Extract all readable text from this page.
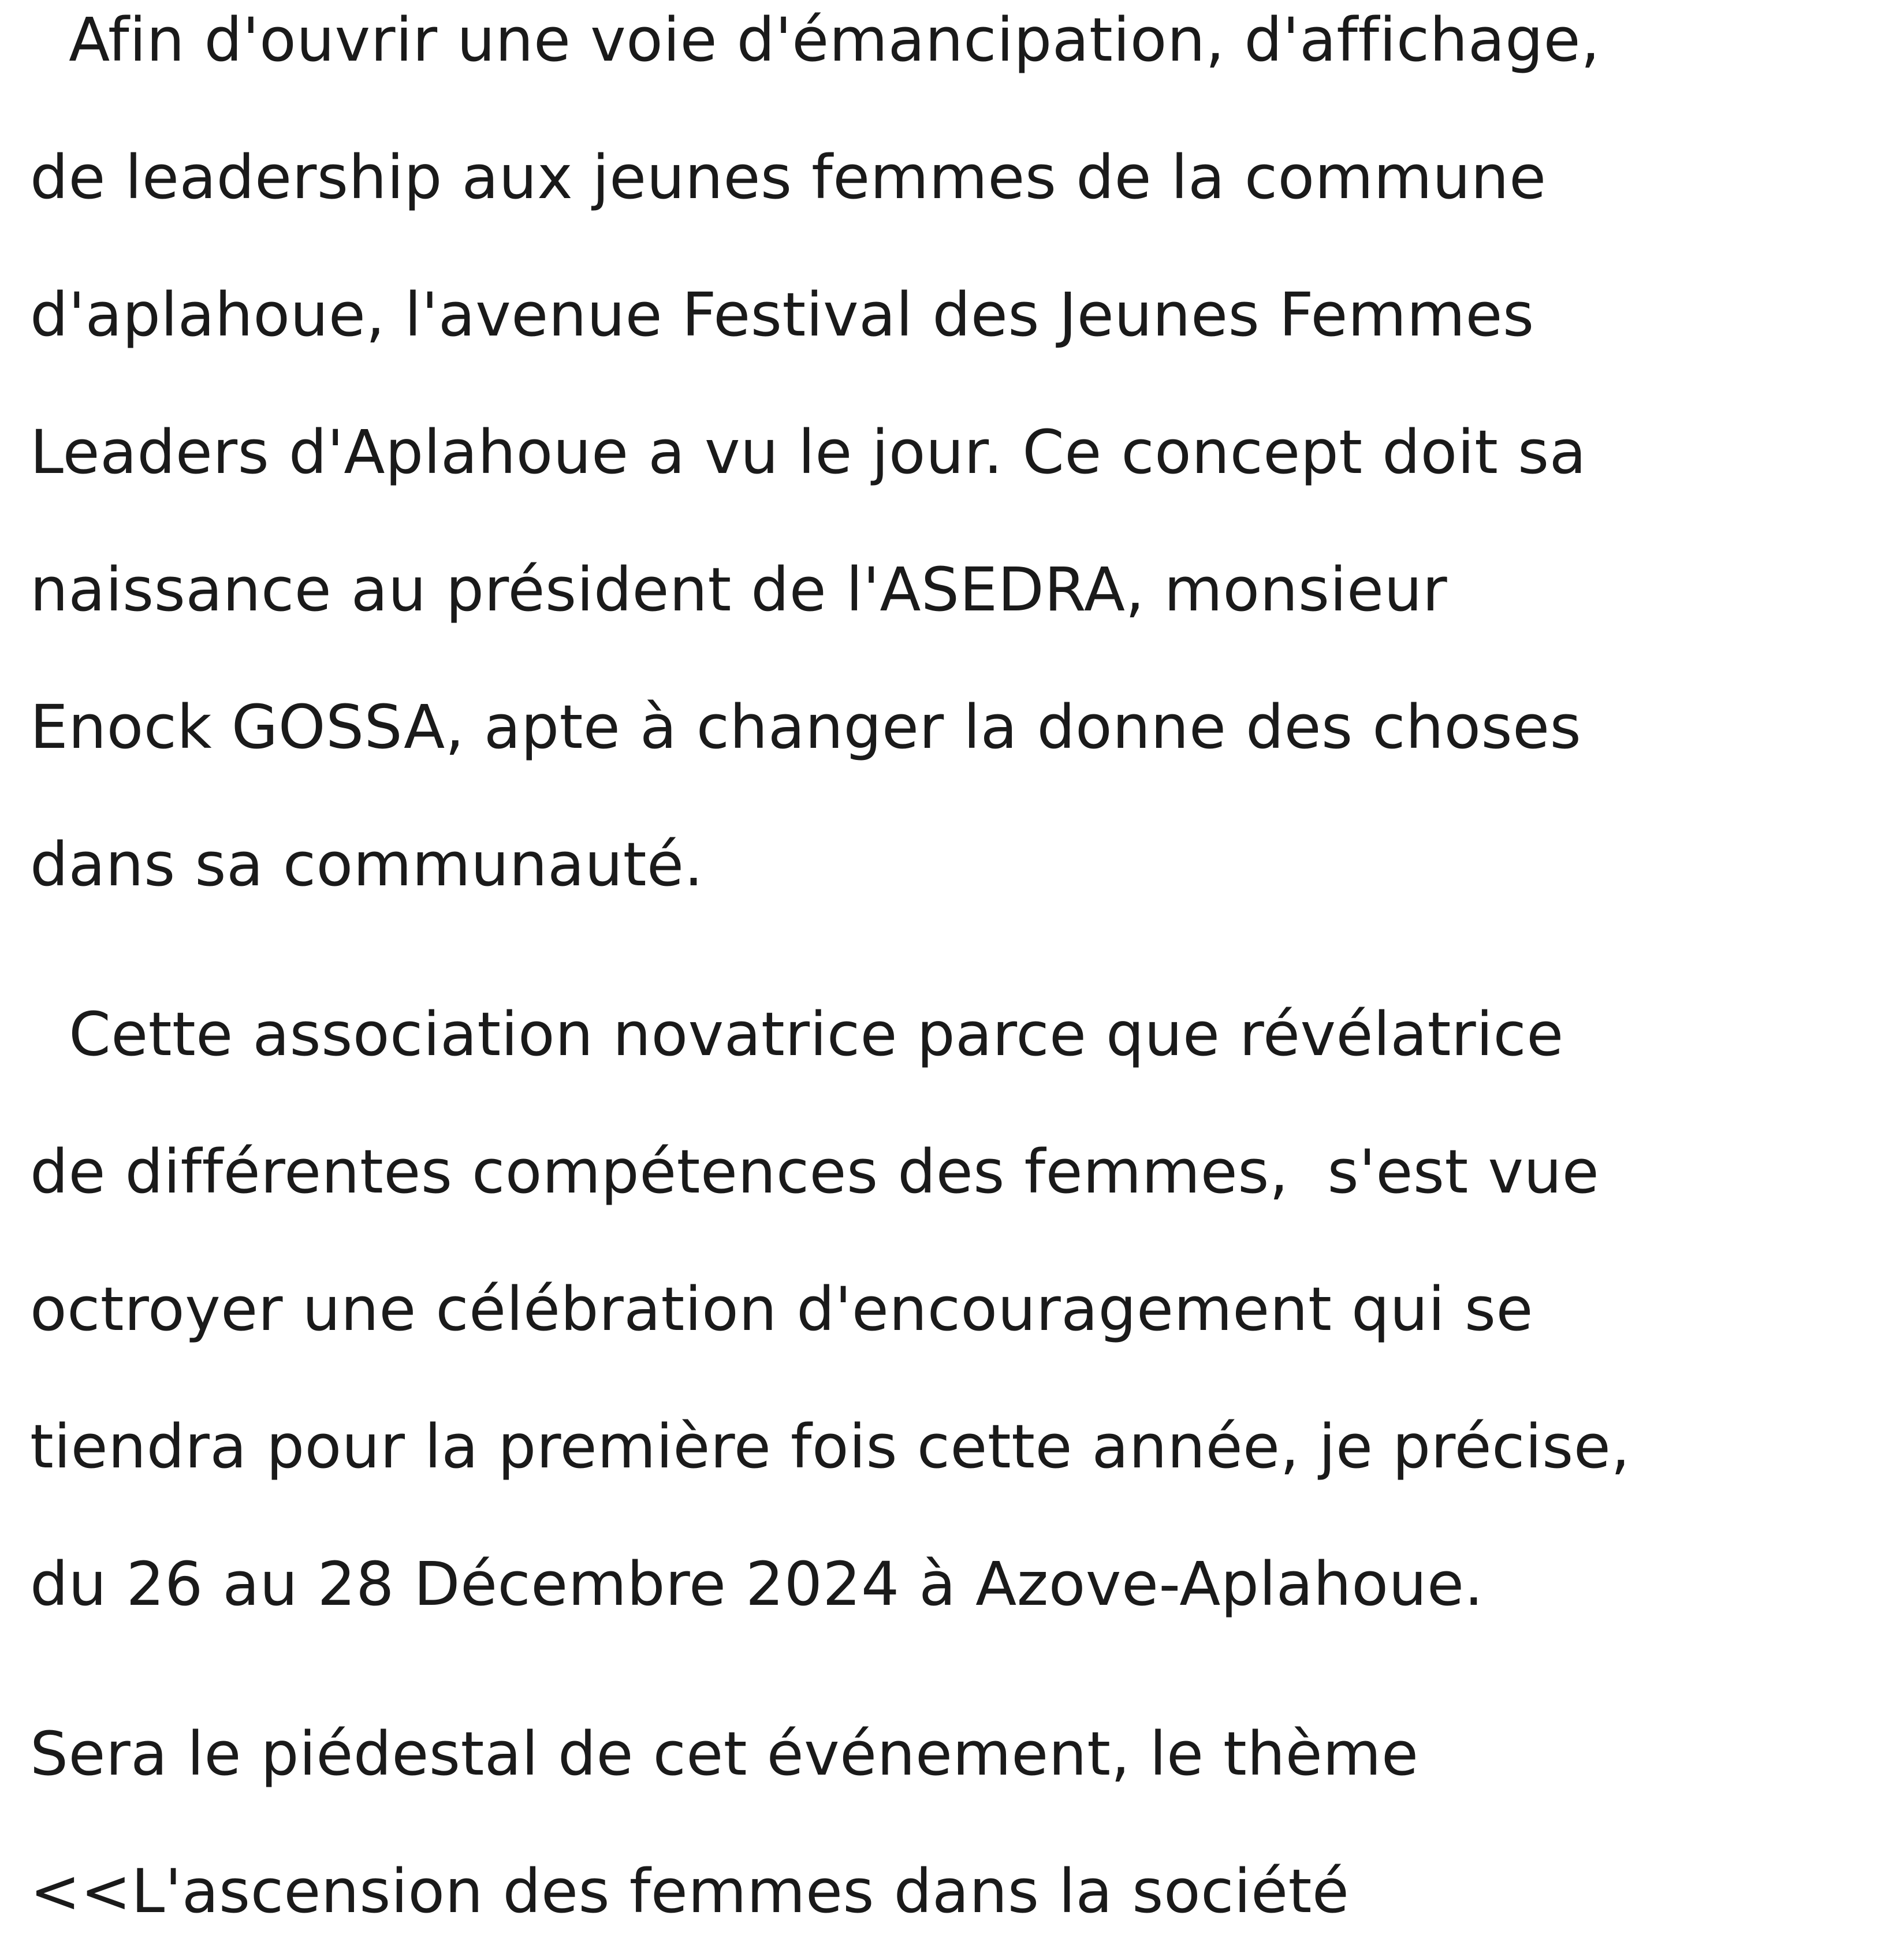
Afin d'ouvrir une voie d'émancipation, d'affichage,
de leadership aux jeunes femmes de la commune
d'aplahoue, l'avenue Festival des Jeunes Femmes
Leaders d'Aplahoue a vu le jour. Ce concept doit sa
naissance au président de l'ASEDRA, monsieur
Enock GOSSA, apte à changer la donne des choses
dans sa communauté.
Cette association novatrice parce que révélatrice
de différentes compétences des femmes,  s'est vue
octroyer une célébration d'encouragement qui se
tiendra pour la première fois cette année, je précise,
du 26 au 28 Décembre 2024 à Azove-Aplahoue.
Sera le piédestal de cet événement, le thème
<<L'ascension des femmes dans la société
